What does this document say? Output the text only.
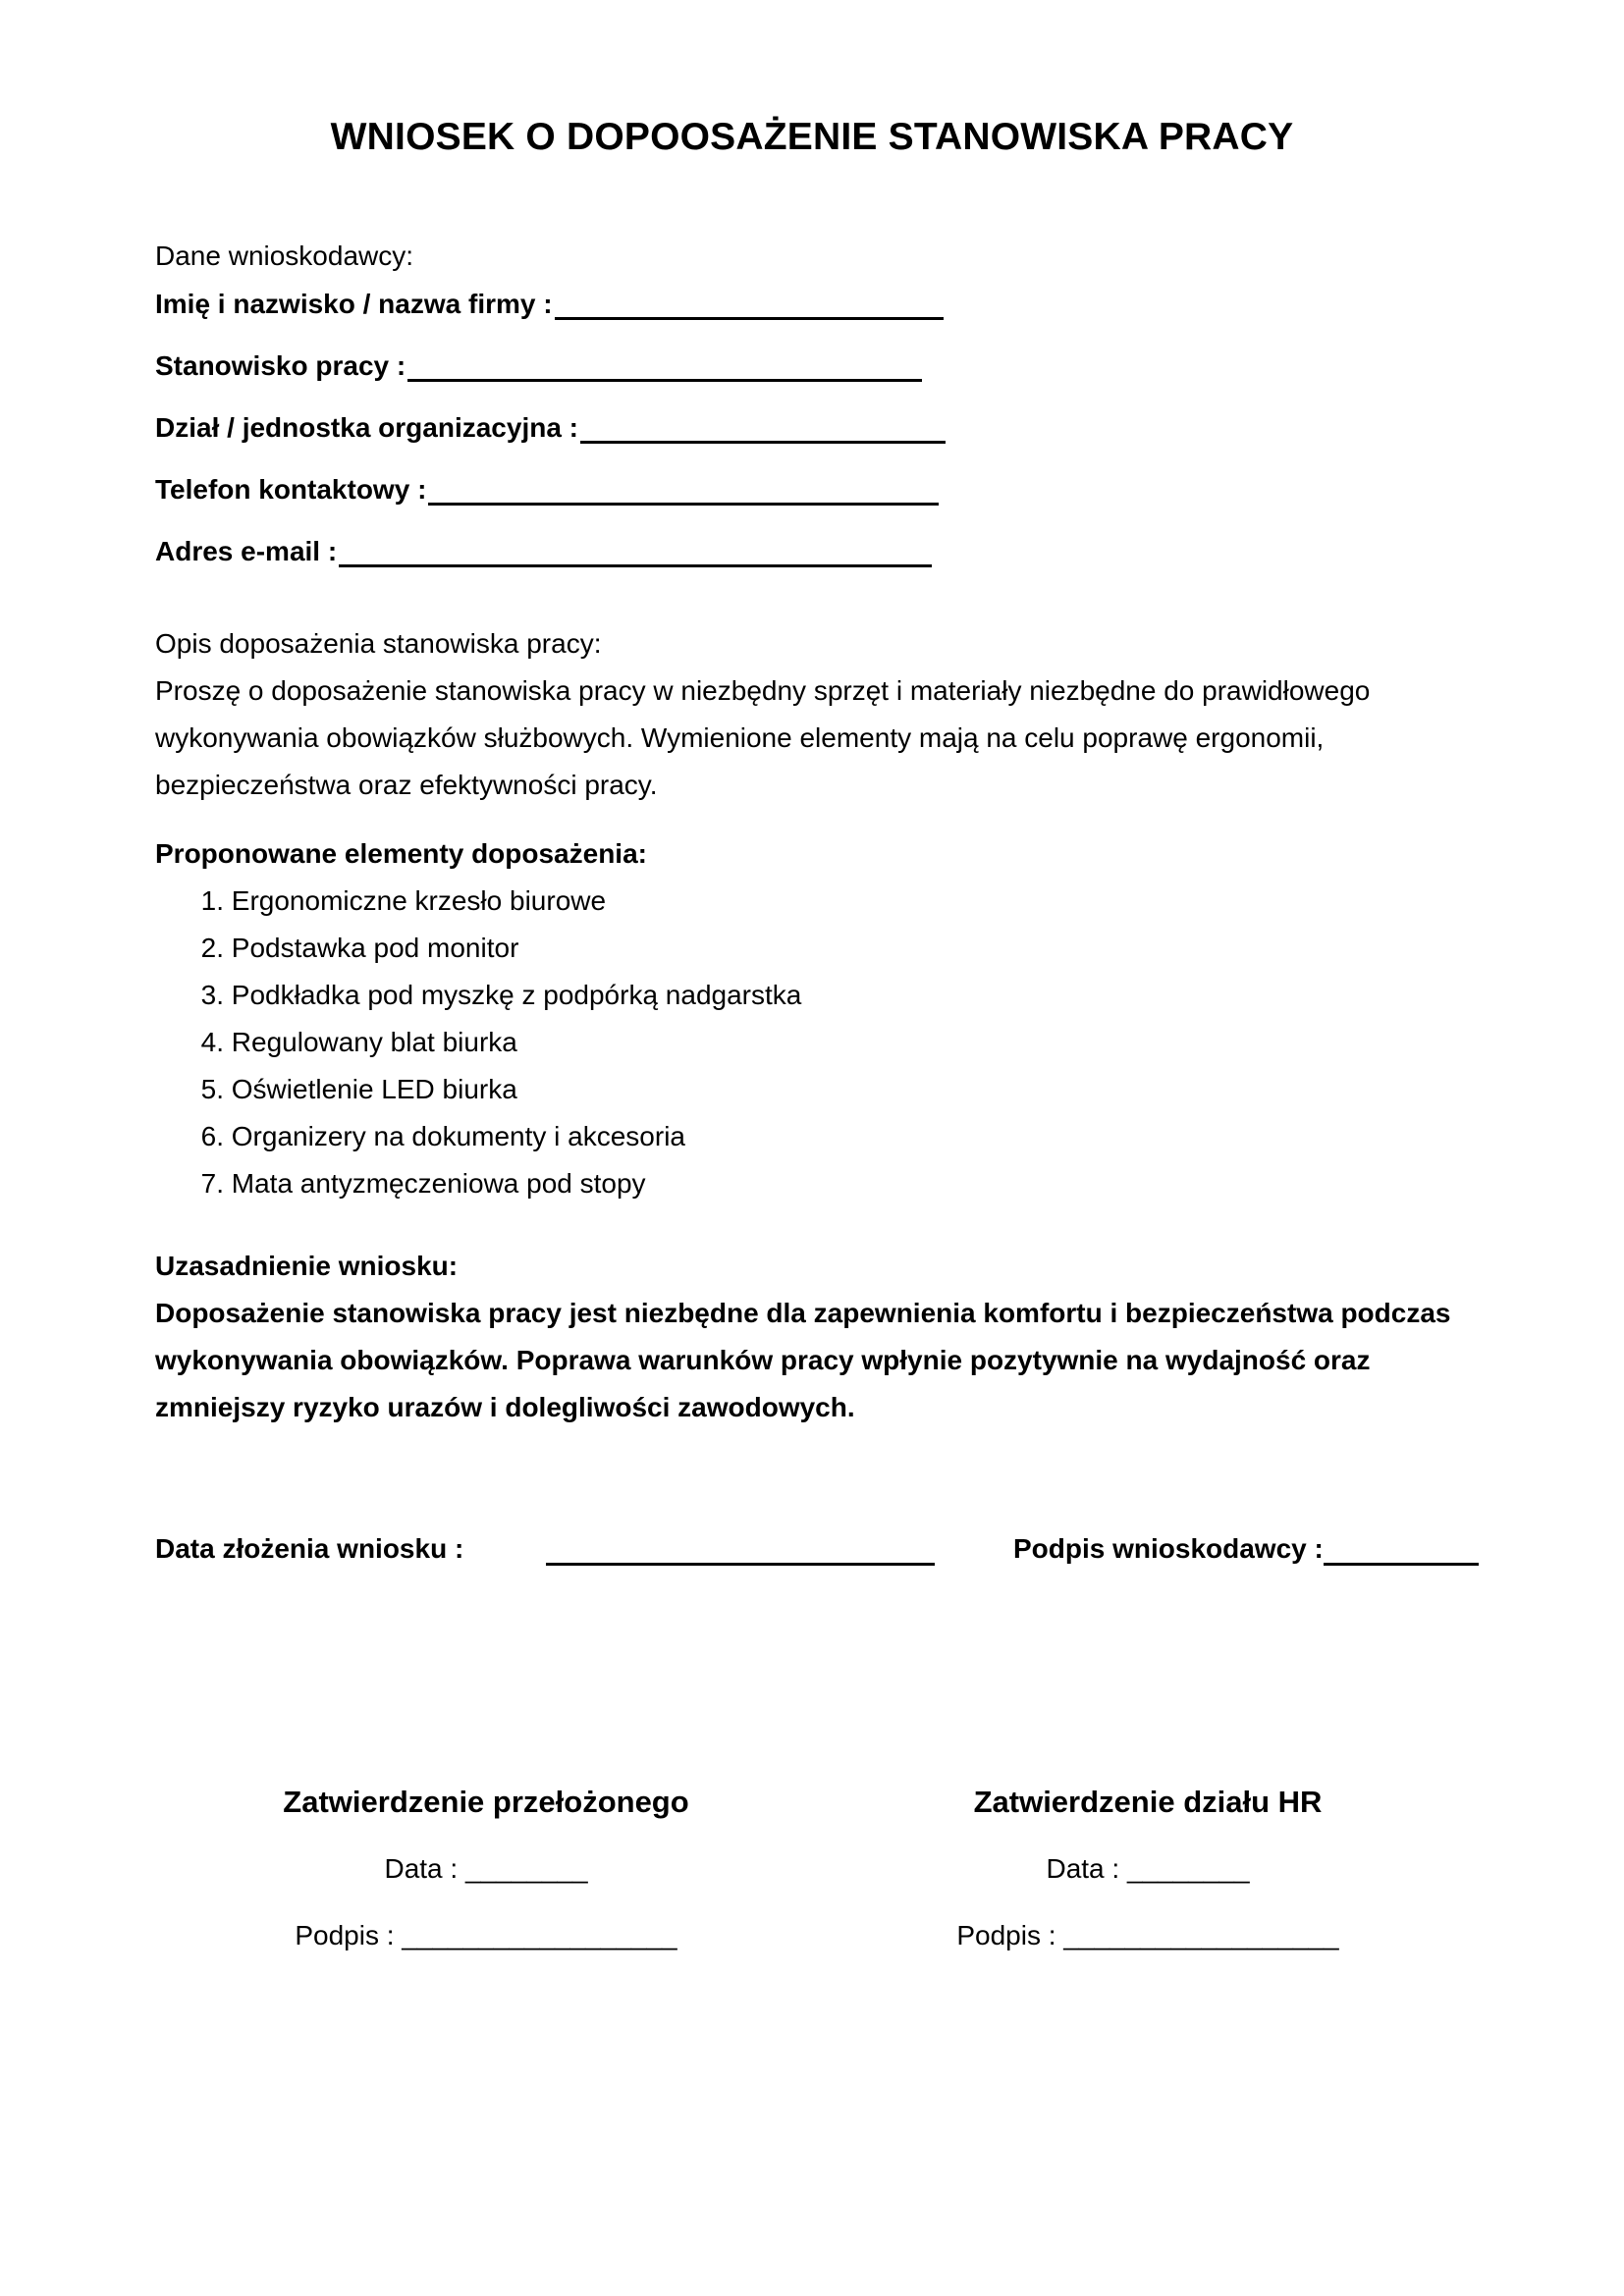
WNIOSEK O DOPOOSAŻENIE STANOWISKA PRACY
Dane wnioskodawcy:
Imię i nazwisko / nazwa firmy :
Stanowisko pracy :
Dział / jednostka organizacyjna :
Telefon kontaktowy :
Adres e-mail :
Opis doposażenia stanowiska pracy:
Proszę o doposażenie stanowiska pracy w niezbędny sprzęt i materiały niezbędne do prawidłowego
wykonywania obowiązków służbowych. Wymienione elementy mają na celu poprawę ergonomii,
bezpieczeństwa oraz efektywności pracy.
Proponowane elementy doposażenia:
1. Ergonomiczne krzesło biurowe
2. Podstawka pod monitor
3. Podkładka pod myszkę z podpórką nadgarstka
4. Regulowany blat biurka
5. Oświetlenie LED biurka
6. Organizery na dokumenty i akcesoria
7. Mata antyzmęczeniowa pod stopy
Uzasadnienie wniosku:
Doposażenie stanowiska pracy jest niezbędne dla zapewnienia komfortu i bezpieczeństwa podczas
wykonywania obowiązków. Poprawa warunków pracy wpłynie pozytywnie na wydajność oraz
zmniejszy ryzyko urazów i dolegliwości zawodowych.
Data złożenia wniosku :	Podpis wnioskodawcy :
Zatwierdzenie przełożonego
Data : ________
Podpis : __________________
Zatwierdzenie działu HR
Data : ________
Podpis : __________________
